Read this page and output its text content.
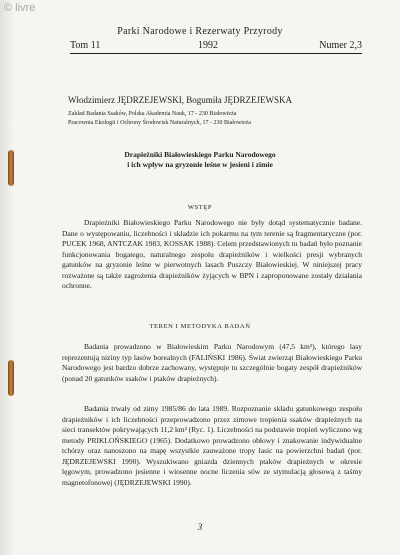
© livre
Parki Narodowe i Rezerwaty Przyrody
Tom 11	1992	Numer 2,3
Włodzimierz JĘDRZEJEWSKI, Bogumiła JĘDRZEJEWSKA
Zakład Badania Ssaków, Polska Akademia Nauk, 17 - 230 Białowieża
Pracownia Ekologii i Ochrony Środowisk Naturalnych, 17 - 230 Białowieża
Drapieżniki Białowieskiego Parku Narodowego
i ich wpływ na gryzonie leśne w jesieni i zimie
WSTĘP

Drapieżniki Białowieskiego Parku Narodowego nie były dotąd systematycznie badane. Dane o występowaniu, liczebności i składzie ich pokarmu na tym terenie są fragmentaryczne (por. PUCEK 1968, ANTCZAK 1983, KOSSAK 1988). Celem przedstawionych tu badań było poznanie funkcjonowania bogatego, naturalnego zespołu drapieżników i wielkości presji wybranych gatunków na gryzonie leśne w pierwotnych lasach Puszczy Białowieskiej. W niniejszej pracy rozważone są także zagrożenia drapieżników żyjących w BPN i zaproponowane zostały działania ochronne.

TEREN I METODYKA BADAŃ

Badania prowadzono w Białowieskim Parku Narodowym (47,5 km²), którego lasy reprezentują niziny typ lasów borealnych (FALIŃSKI 1986). Świat zwierząt Białowieskiego Parku Narodowego jest bardzo dobrze zachowany, występuje tu szczególnie bogaty zespół drapieżników (ponad 20 gatunków ssaków i ptaków drapieżnych).

Badania trwały od zimy 1985/86 do lata 1989. Rozpoznanie składu gatunkowego zespołu drapieżników i ich liczebności przeprowadzono przez zimowe tropienia ssaków drapieżnych na sieci transektów pokrywających 11,2 km² (Ryc. 1). Liczebności na podstawie tropień wyliczono wg metody PRIKLOŃSKIEGO (1965). Dodatkowo prowadzono obłowy i znakowanie indywidualne tchórzy oraz nanoszono na mapę wszystkie zauważone tropy łasic na powierzchni badań (por. JĘDRZEJEWSKI 1990). Wyszukiwano gniazda dziennych ptaków drapieżnych w okresie lęgowym, prowadzono jesienne i wiosenne nocne liczenia sów ze stymulacją głosową z taśmy magnetofonowej (JĘDRZEJEWSKI 1990).

3
